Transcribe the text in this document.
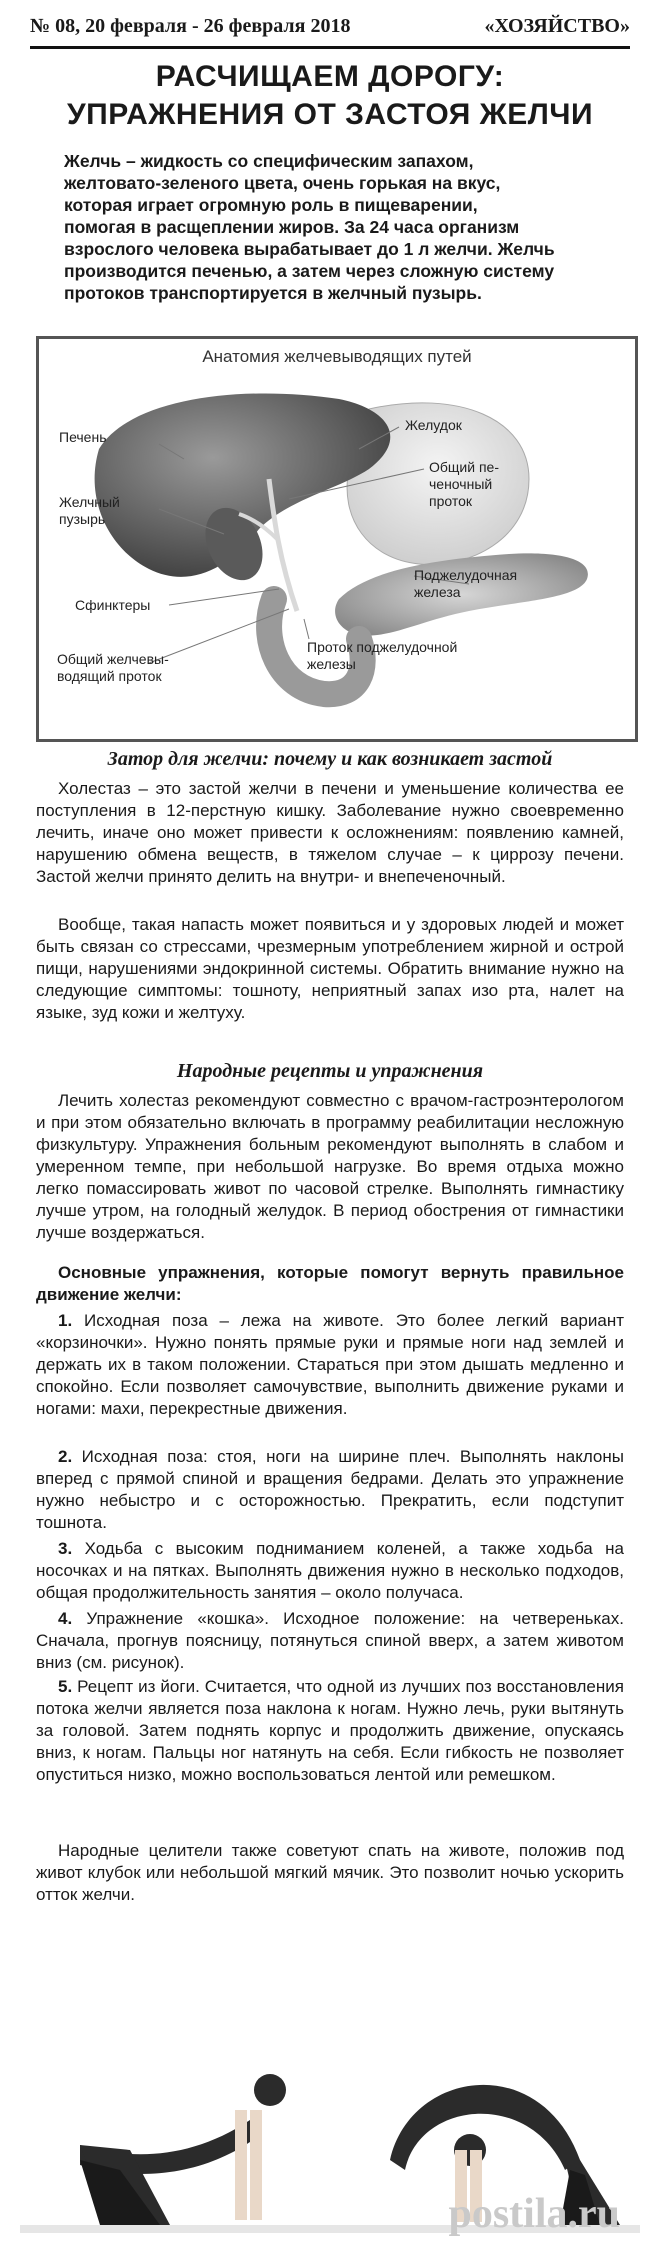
№ 08, 20 февраля - 26 февраля 2018	«ХОЗЯЙСТВО»
РАСЧИЩАЕМ ДОРОГУ:
УПРАЖНЕНИЯ ОТ ЗАСТОЯ ЖЕЛЧИ
Желчь – жидкость со специфическим запахом,
желтовато-зеленого цвета, очень горькая на вкус,
которая играет огромную роль в пищеварении,
помогая в расщеплении жиров. За 24 часа организм
взрослого человека вырабатывает до 1 л желчи. Желчь
производится печенью, а затем через сложную систему
протоков транспортируется в желчный пузырь.
Анатомия желчевыводящих путей
Печень
Желчный
пузырь
Сфинктеры
Общий желчевы-
водящий проток
Желудок
Общий пе-
ченочный
проток
Поджелудочная
железа
Проток поджелудочной
железы
Затор для желчи: почему и как возникает застой
Холестаз – это застой желчи в печени и уменьшение количества ее поступления в 12-перстную кишку. Заболевание нужно своевременно лечить, иначе оно может привести к осложнениям: появлению камней, нарушению обмена веществ, в тяжелом случае – к циррозу печени. Застой желчи принято делить на внутри- и внепеченочный.
Вообще, такая напасть может появиться и у здоровых людей и может быть связан со стрессами, чрезмерным употреблением жирной и острой пищи, нарушениями эндокринной системы. Обратить внимание нужно на следующие симптомы: тошноту, неприятный запах изо рта, налет на языке, зуд кожи и желтуху.
Народные рецепты и упражнения
Лечить холестаз рекомендуют совместно с врачом-гастроэнтерологом и при этом обязательно включать в программу реабилитации несложную физкультуру. Упражнения больным рекомендуют выполнять в слабом и умеренном темпе, при небольшой нагрузке. Во время отдыха можно легко помассировать живот по часовой стрелке. Выполнять гимнастику лучше утром, на голодный желудок. В период обострения от гимнастики лучше воздержаться.
Основные упражнения, которые помогут вернуть правильное движение желчи:
1. Исходная поза – лежа на животе. Это более легкий вариант «корзиночки». Нужно понять прямые руки и прямые ноги над землей и держать их в таком положении. Стараться при этом дышать медленно и спокойно. Если позволяет самочувствие, выполнить движение руками и ногами: махи, перекрестные движения.
2. Исходная поза: стоя, ноги на ширине плеч. Выполнять наклоны вперед с прямой спиной и вращения бедрами. Делать это упражнение нужно небыстро и с осторожностью. Прекратить, если подступит тошнота.
3. Ходьба с высоким подниманием коленей, а также ходьба на носочках и на пятках. Выполнять движения нужно в несколько подходов, общая продолжительность занятия – около получаса.
4. Упражнение «кошка». Исходное положение: на четвереньках. Сначала, прогнув поясницу, потянуться спиной вверх, а затем животом вниз (см. рисунок).
5. Рецепт из йоги. Считается, что одной из лучших поз восстановления потока желчи является поза наклона к ногам. Нужно лечь, руки вытянуть за головой. Затем поднять корпус и продолжить движение, опускаясь вниз, к ногам. Пальцы ног натянуть на себя. Если гибкость не позволяет опуститься низко, можно воспользоваться лентой или ремешком.
Народные целители также советуют спать на животе, положив под живот клубок или небольшой мягкий мячик. Это позволит ночью ускорить отток желчи.
postila.ru
